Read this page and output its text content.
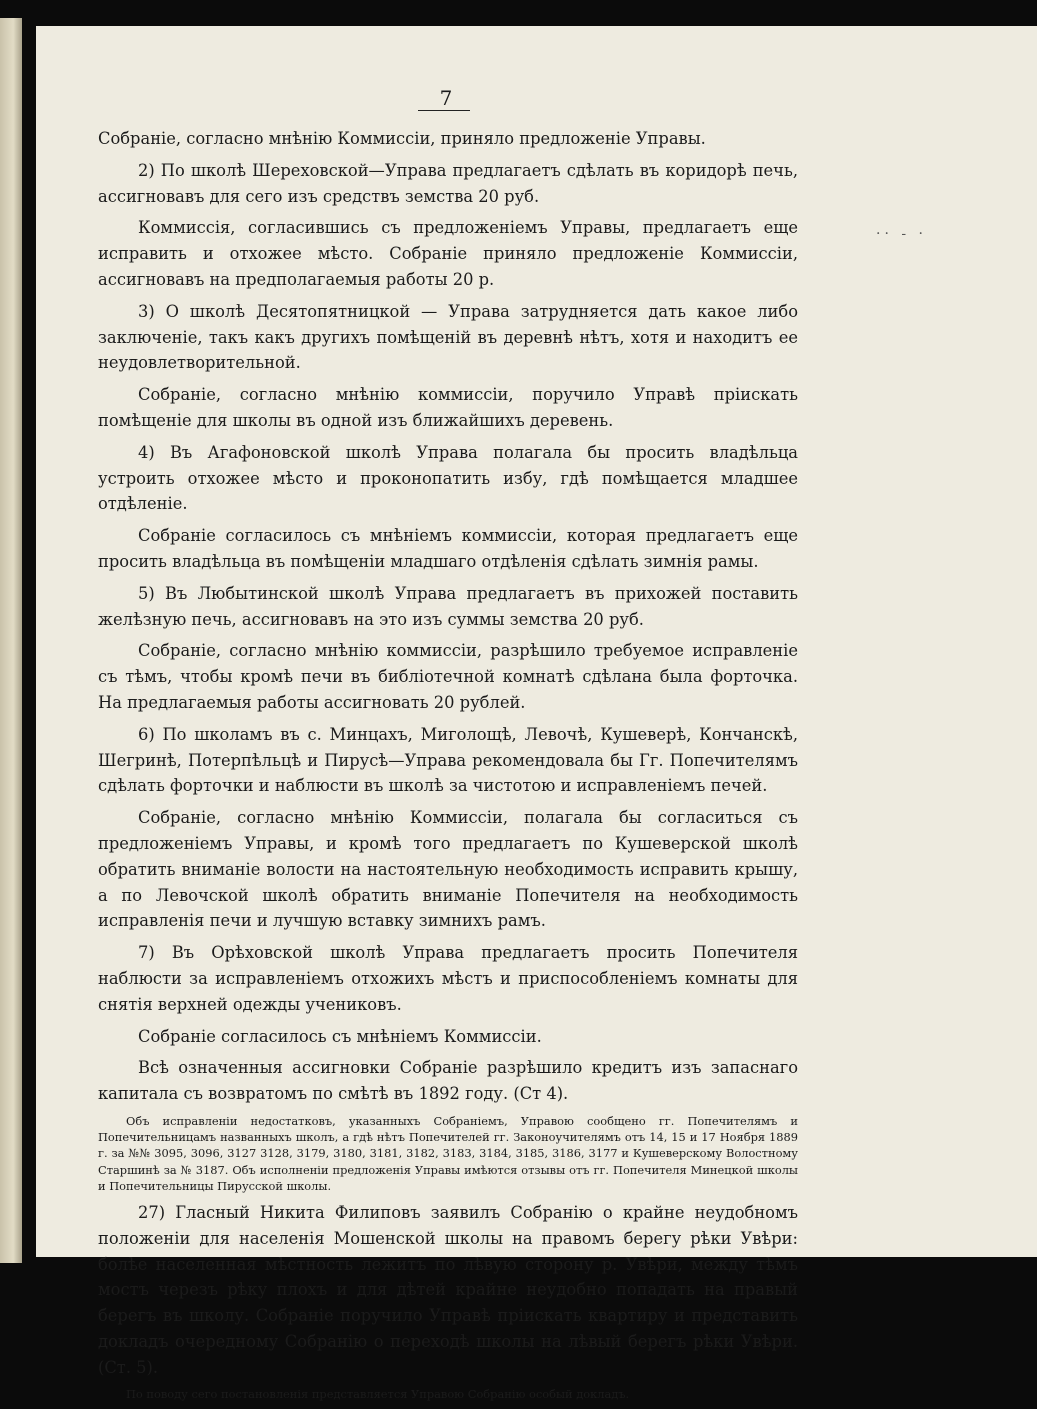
7
·· - ·

Собраніе, согласно мнѣнію Коммиссіи, приняло предложеніе Управы.

2) По школѣ Шереховской—Управа предлагаетъ сдѣлать въ коридорѣ печь, ассигновавъ для сего изъ средствъ земства 20 руб.

Коммиссія, согласившись съ предложеніемъ Управы, предлагаетъ еще исправить и отхожее мѣсто. Собраніе приняло предложеніе Коммиссіи, ассигновавъ на предполагаемыя работы 20 р.

3) О школѣ Десятопятницкой — Управа затрудняется дать какое либо заключеніе, такъ какъ другихъ помѣщеній въ деревнѣ нѣтъ, хотя и находитъ ее неудовлетворительной.

Собраніе, согласно мнѣнію коммиссіи, поручило Управѣ пріискать помѣщеніе для школы въ одной изъ ближайшихъ деревень.

4) Въ Агафоновской школѣ Управа полагала бы просить владѣльца устроить отхожее мѣсто и проконопатить избу, гдѣ помѣщается младшее отдѣленіе.

Собраніе согласилось съ мнѣніемъ коммиссіи, которая предлагаетъ еще просить владѣльца въ помѣщеніи младшаго отдѣленія сдѣлать зимнія рамы.

5) Въ Любытинской школѣ Управа предлагаетъ въ прихожей поставить желѣзную печь, ассигновавъ на это изъ суммы земства 20 руб.

Собраніе, согласно мнѣнію коммиссіи, разрѣшило требуемое исправленіе съ тѣмъ, чтобы кромѣ печи въ библіотечной комнатѣ сдѣлана была форточка. На предлагаемыя работы ассигновать 20 рублей.

6) По школамъ въ с. Минцахъ, Миголощѣ, Левочѣ, Кушеверѣ, Кончанскѣ, Шегринѣ, Потерпѣльцѣ и Пирусѣ—Управа рекомендовала бы Гг. Попечителямъ сдѣлать форточки и наблюсти въ школѣ за чистотою и исправленіемъ печей.

Собраніе, согласно мнѣнію Коммиссіи, полагала бы согласиться съ предложеніемъ Управы, и кромѣ того предлагаетъ по Кушеверской школѣ обратить вниманіе волости на настоятельную необходимость исправить крышу, а по Левочской школѣ обратить вниманіе Попечителя на необходимость исправленія печи и лучшую вставку зимнихъ рамъ.

7) Въ Орѣховской школѣ Управа предлагаетъ просить Попечителя наблюсти за исправленіемъ отхожихъ мѣстъ и приспособленіемъ комнаты для снятія верхней одежды учениковъ.

Собраніе согласилось съ мнѣніемъ Коммиссіи.

Всѣ означенныя ассигновки Собраніе разрѣшило кредитъ изъ запаснаго капитала съ возвратомъ по смѣтѣ въ 1892 году. (Ст 4).

Объ исправленіи недостатковъ, указанныхъ Собраніемъ, Управою сообщено гг. Попечителямъ и Попечительницамъ названныхъ школъ, а гдѣ нѣтъ Попечителей гг. Законоучителямъ отъ 14, 15 и 17 Ноября 1889 г. за №№ 3095, 3096, 3127 3128, 3179, 3180, 3181, 3182, 3183, 3184, 3185, 3186, 3177 и Кушеверскому Волостному Старшинѣ за № 3187. Объ исполненіи предложенія Управы имѣются отзывы отъ гг. Попечителя Минецкой школы и Попечительницы Пирусской школы.

27) Гласный Никита Филиповъ заявилъ Собранію о крайне неудобномъ положеніи для населенія Мошенской школы на правомъ берегу рѣки Увѣри: болѣе населенная мѣстность лежитъ по лѣвую сторону р. Увѣри, между тѣмъ мостъ черезъ рѣку плохъ и для дѣтей крайне неудобно попадать на правый берегъ въ школу. Собраніе поручило Управѣ пріискать квартиру и представить докладъ очередному Собранію о переходѣ школы на лѣвый берегъ рѣки Увѣри. (Ст. 5).

По поводу сего постановленія представляется Управою Собранію особый докладъ.
